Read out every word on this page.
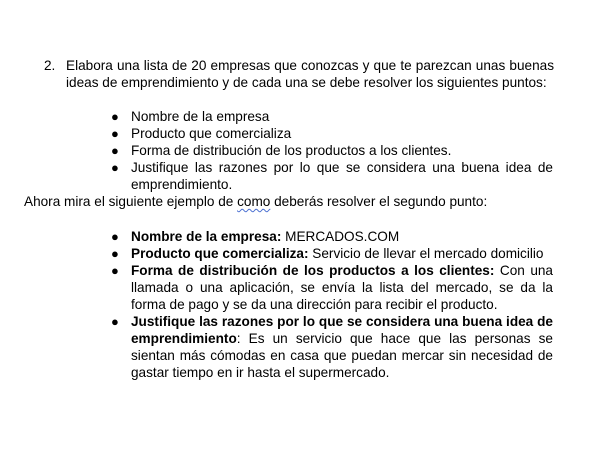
2. Elabora una lista de 20 empresas que conozcas y que te parezcan unas buenas ideas de emprendimiento y de cada una se debe resolver los siguientes puntos:
● Nombre de la empresa
● Producto que comercializa
● Forma de distribución de los productos a los clientes.
● Justifique las razones por lo que se considera una buena idea de emprendimiento.
Ahora mira el siguiente ejemplo de como deberás resolver el segundo punto:
● Nombre de la empresa: MERCADOS.COM
● Producto que comercializa: Servicio de llevar el mercado domicilio
● Forma de distribución de los productos a los clientes: Con una llamada o una aplicación, se envía la lista del mercado, se da la forma de pago y se da una dirección para recibir el producto.
● Justifique las razones por lo que se considera una buena idea de emprendimiento: Es un servicio que hace que las personas se sientan más cómodas en casa que puedan mercar sin necesidad de gastar tiempo en ir hasta el supermercado.
